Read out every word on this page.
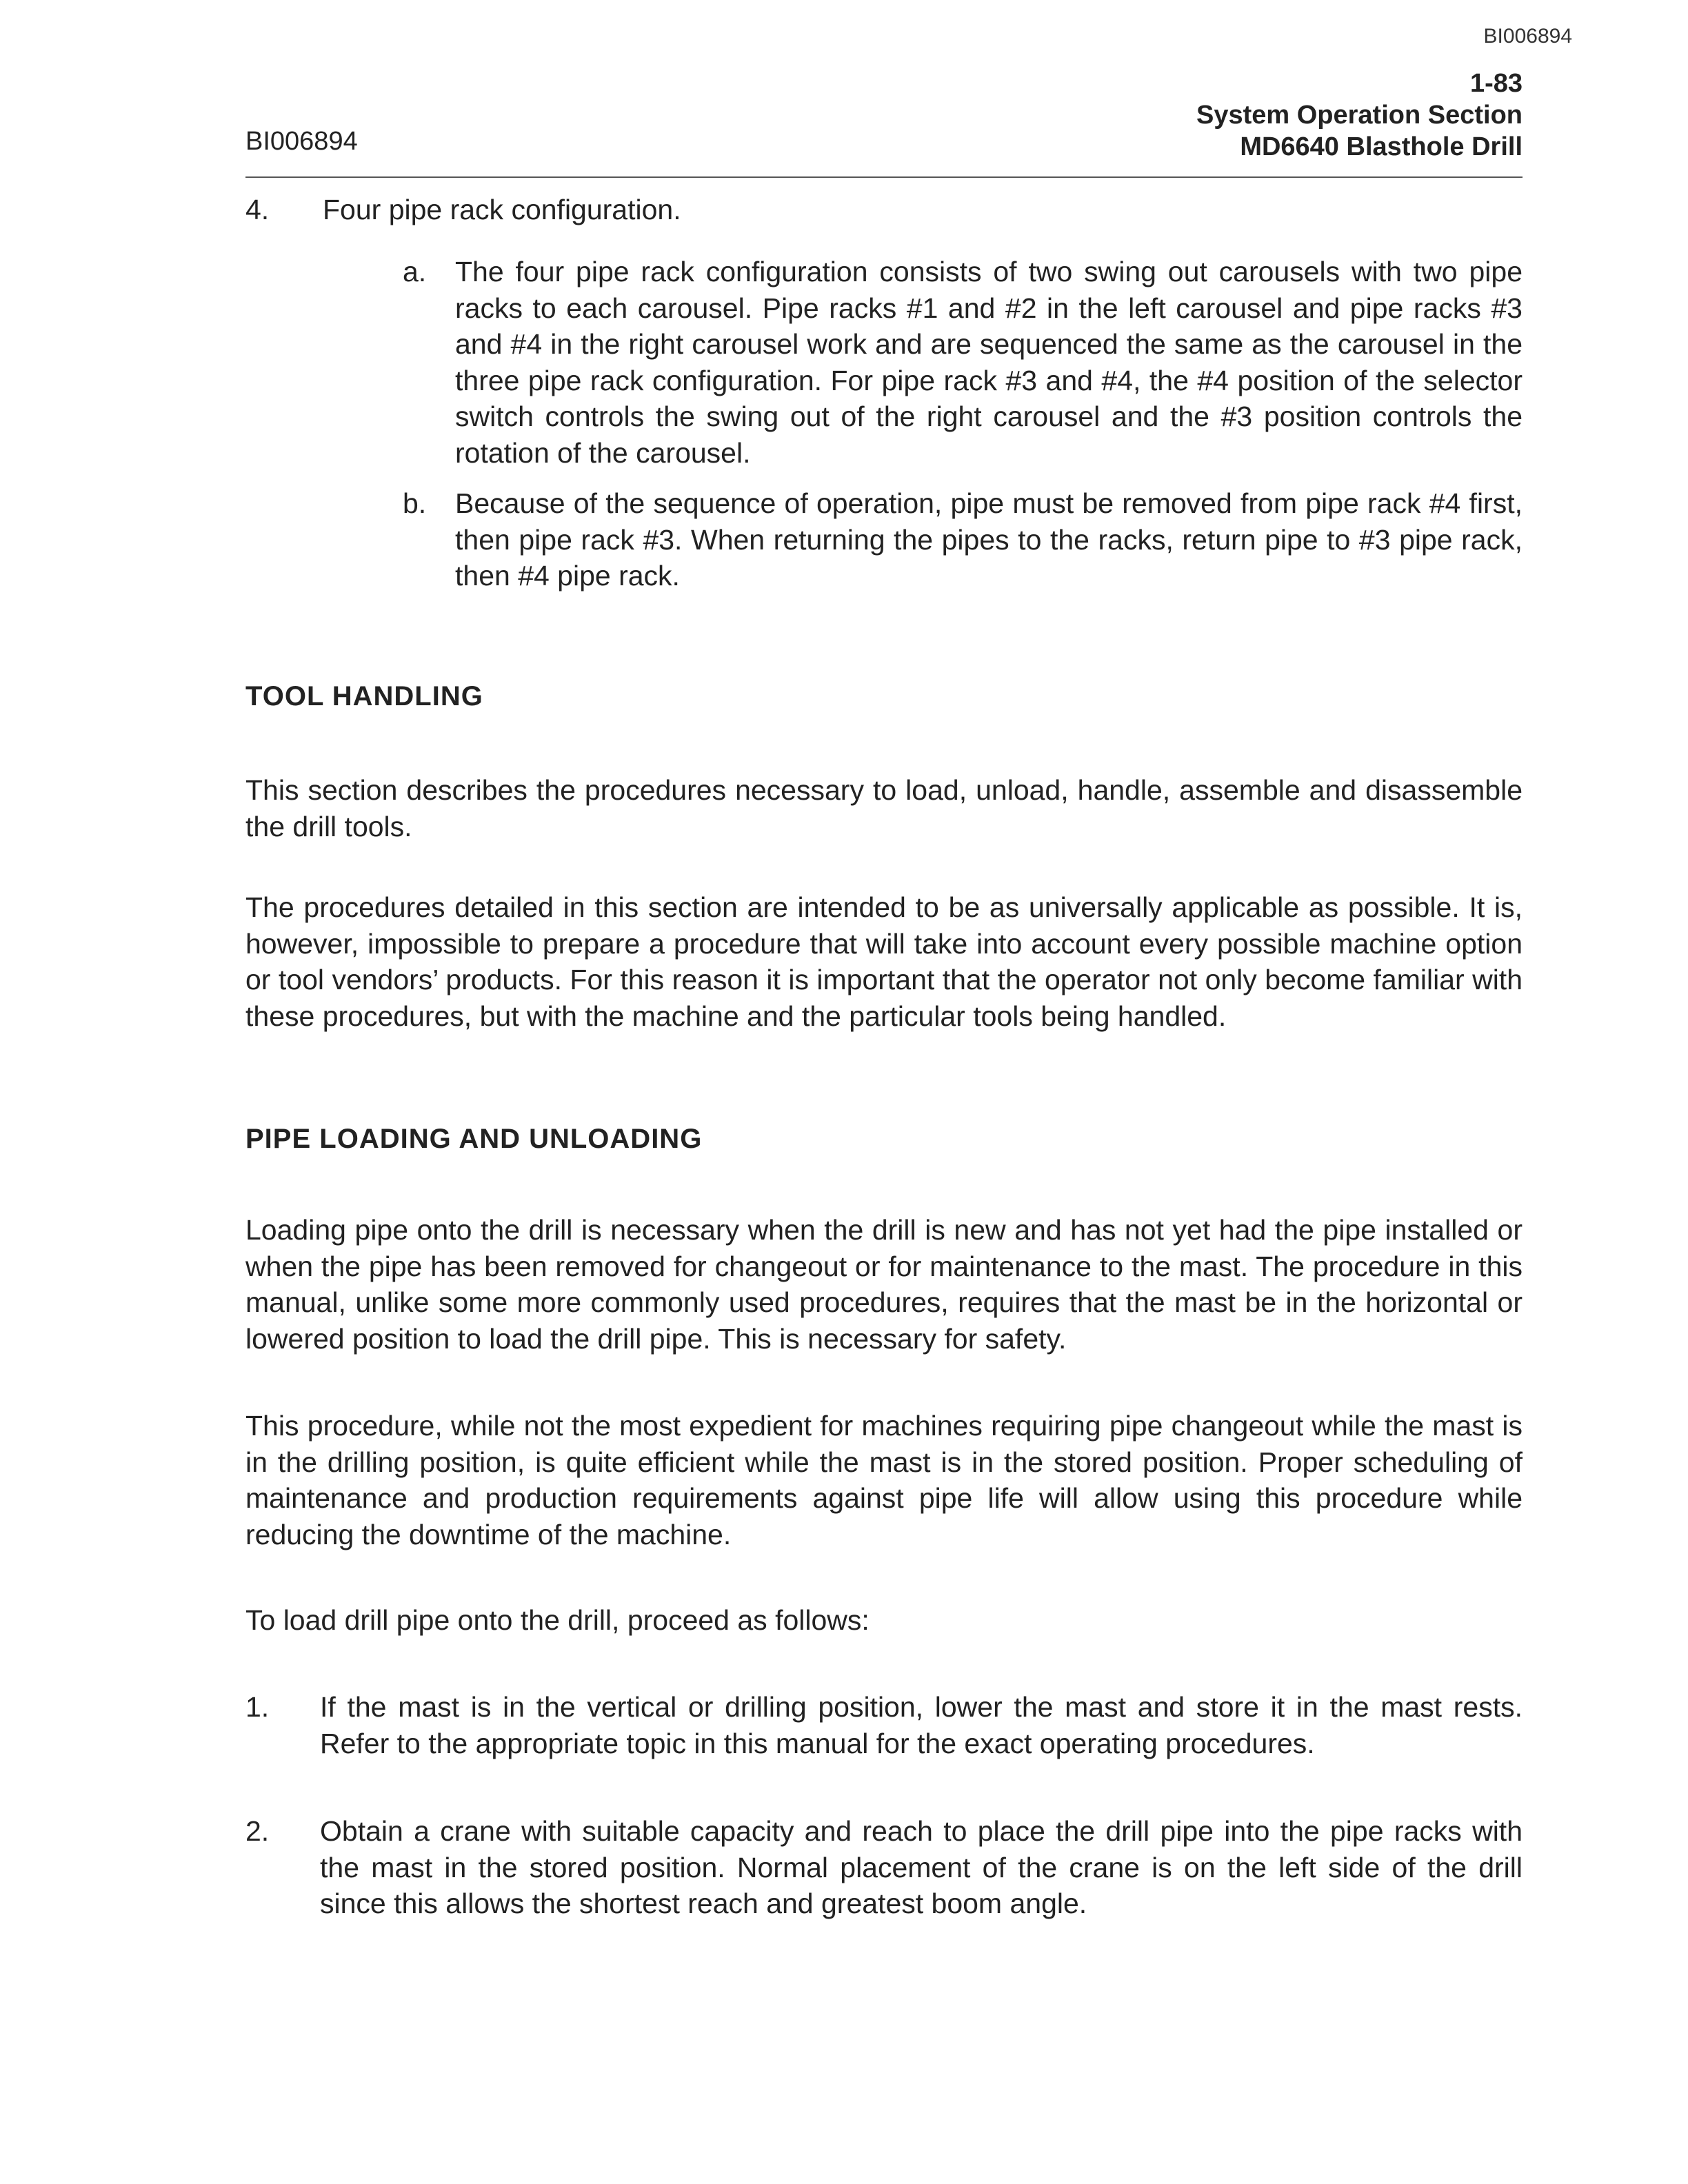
BI006894
1-83
System Operation Section
MD6640 Blasthole Drill
BI006894
4. Four pipe rack configuration.
a. The four pipe rack configuration consists of two swing out carousels with two pipe racks to each carousel. Pipe racks #1 and #2 in the left carousel and pipe racks #3 and #4 in the right carousel work and are sequenced the same as the carousel in the three pipe rack configuration. For pipe rack #3 and #4, the #4 position of the selector switch controls the swing out of the right carousel and the #3 position controls the rotation of the carousel.
b. Because of the sequence of operation, pipe must be removed from pipe rack #4 first, then pipe rack #3. When returning the pipes to the racks, return pipe to #3 pipe rack, then #4 pipe rack.
TOOL HANDLING
This section describes the procedures necessary to load, unload, handle, assemble and disassemble the drill tools.
The procedures detailed in this section are intended to be as universally applicable as possible. It is, however, impossible to prepare a procedure that will take into account every possible machine option or tool vendors’ products. For this reason it is important that the operator not only become familiar with these procedures, but with the machine and the particular tools being handled.
PIPE LOADING AND UNLOADING
Loading pipe onto the drill is necessary when the drill is new and has not yet had the pipe installed or when the pipe has been removed for changeout or for maintenance to the mast. The procedure in this manual, unlike some more commonly used procedures, requires that the mast be in the horizontal or lowered position to load the drill pipe. This is necessary for safety.
This procedure, while not the most expedient for machines requiring pipe changeout while the mast is in the drilling position, is quite efficient while the mast is in the stored position. Proper scheduling of maintenance and production requirements against pipe life will allow using this procedure while reducing the downtime of the machine.
To load drill pipe onto the drill, proceed as follows:
1. If the mast is in the vertical or drilling position, lower the mast and store it in the mast rests. Refer to the appropriate topic in this manual for the exact operating procedures.
2. Obtain a crane with suitable capacity and reach to place the drill pipe into the pipe racks with the mast in the stored position. Normal placement of the crane is on the left side of the drill since this allows the shortest reach and greatest boom angle.
